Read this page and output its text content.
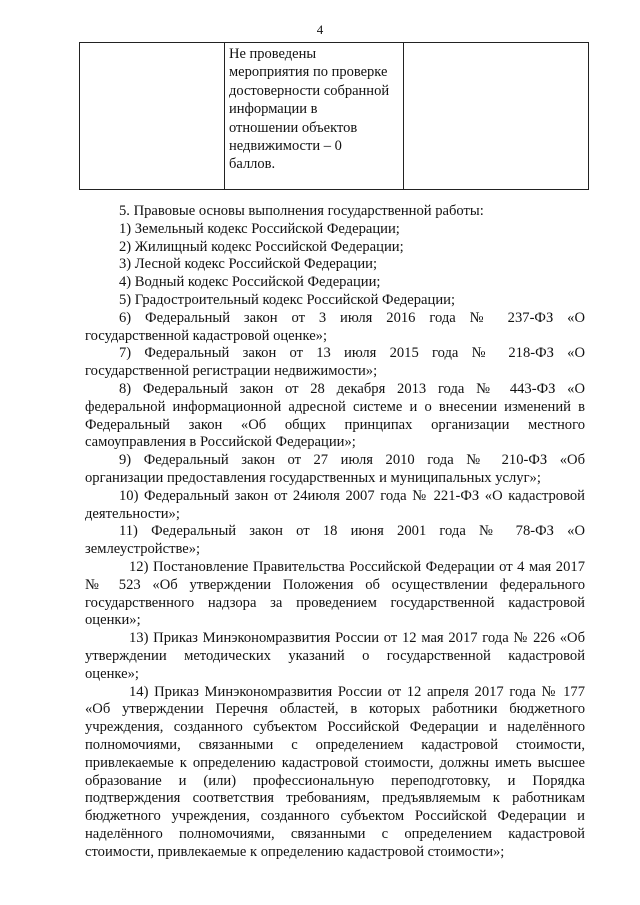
4

Не проведены
мероприятия по проверке
достоверности собранной
информации в
отношении объектов
недвижимости – 0
баллов.

5. Правовые основы выполнения государственной работы:
1) Земельный кодекс Российской Федерации;
2) Жилищный кодекс Российской Федерации;
3) Лесной кодекс Российской Федерации;
4) Водный кодекс Российской Федерации;
5) Градостроительный кодекс Российской Федерации;
6) Федеральный закон от 3 июля 2016 года № 237-ФЗ «О
государственной кадастровой оценке»;
7) Федеральный закон от 13 июля 2015 года № 218-ФЗ «О
государственной регистрации недвижимости»;
8) Федеральный закон от 28 декабря 2013 года № 443-ФЗ «О
федеральной информационной адресной системе и о внесении изменений в
Федеральный закон «Об общих принципах организации местного
самоуправления в Российской Федерации»;
9) Федеральный закон от 27 июля 2010 года № 210-ФЗ «Об
организации предоставления государственных и муниципальных услуг»;
10) Федеральный закон от 24июля 2007 года № 221-ФЗ «О кадастровой
деятельности»;
11) Федеральный закон от 18 июня 2001 года № 78-ФЗ «О
землеустройстве»;
12) Постановление Правительства Российской Федерации от 4 мая 2017
№ 523 «Об утверждении Положения об осуществлении федерального
государственного надзора за проведением государственной кадастровой
оценки»;
13) Приказ Минэкономразвития России от 12 мая 2017 года № 226 «Об
утверждении методических указаний о государственной кадастровой
оценке»;
14) Приказ Минэкономразвития России от 12 апреля 2017 года № 177
«Об утверждении Перечня областей, в которых работники бюджетного
учреждения, созданного субъектом Российской Федерации и наделённого
полномочиями, связанными с определением кадастровой стоимости,
привлекаемые к определению кадастровой стоимости, должны иметь высшее
образование и (или) профессиональную переподготовку, и Порядка
подтверждения соответствия требованиям, предъявляемым к работникам
бюджетного учреждения, созданного субъектом Российской Федерации и
наделённого полномочиями, связанными с определением кадастровой
стоимости, привлекаемые к определению кадастровой стоимости»;
